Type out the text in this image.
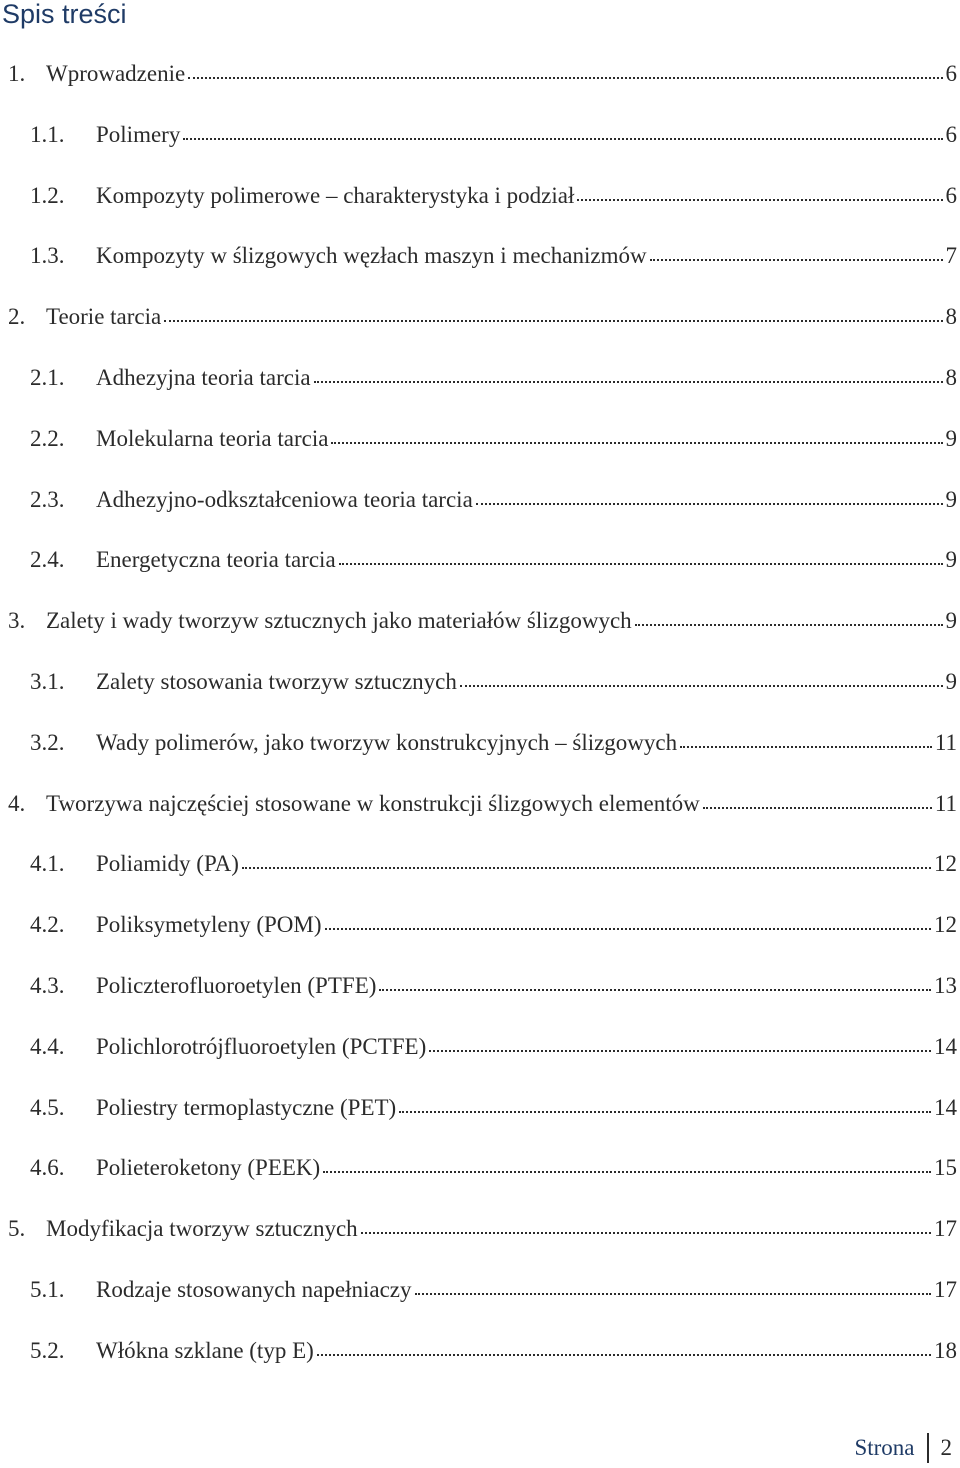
Spis treści
1. Wprowadzenie	6
1.1.	Polimery	6
1.2.	Kompozyty polimerowe – charakterystyka i podział	6
1.3.	Kompozyty w ślizgowych węzłach maszyn i mechanizmów	7
2. Teorie tarcia	8
2.1.	Adhezyjna teoria tarcia	8
2.2.	Molekularna teoria tarcia	9
2.3.	Adhezyjno-odkształceniowa teoria tarcia	9
2.4.	Energetyczna teoria tarcia	9
3. Zalety i wady tworzyw sztucznych jako materiałów ślizgowych	9
3.1.	Zalety stosowania tworzyw sztucznych	9
3.2.	Wady polimerów, jako tworzyw konstrukcyjnych – ślizgowych	11
4. Tworzywa najczęściej stosowane w konstrukcji ślizgowych elementów	11
4.1.	Poliamidy (PA)	12
4.2.	Poliksymetyleny (POM)	12
4.3.	Policzterofluoroetylen (PTFE)	13
4.4.	Polichlorotrójfluoroetylen (PCTFE)	14
4.5.	Poliestry termoplastyczne (PET)	14
4.6.	Polieteroketony (PEEK)	15
5. Modyfikacja tworzyw sztucznych	17
5.1.	Rodzaje stosowanych napełniaczy	17
5.2.	Włókna szklane (typ E)	18
Strona 2
